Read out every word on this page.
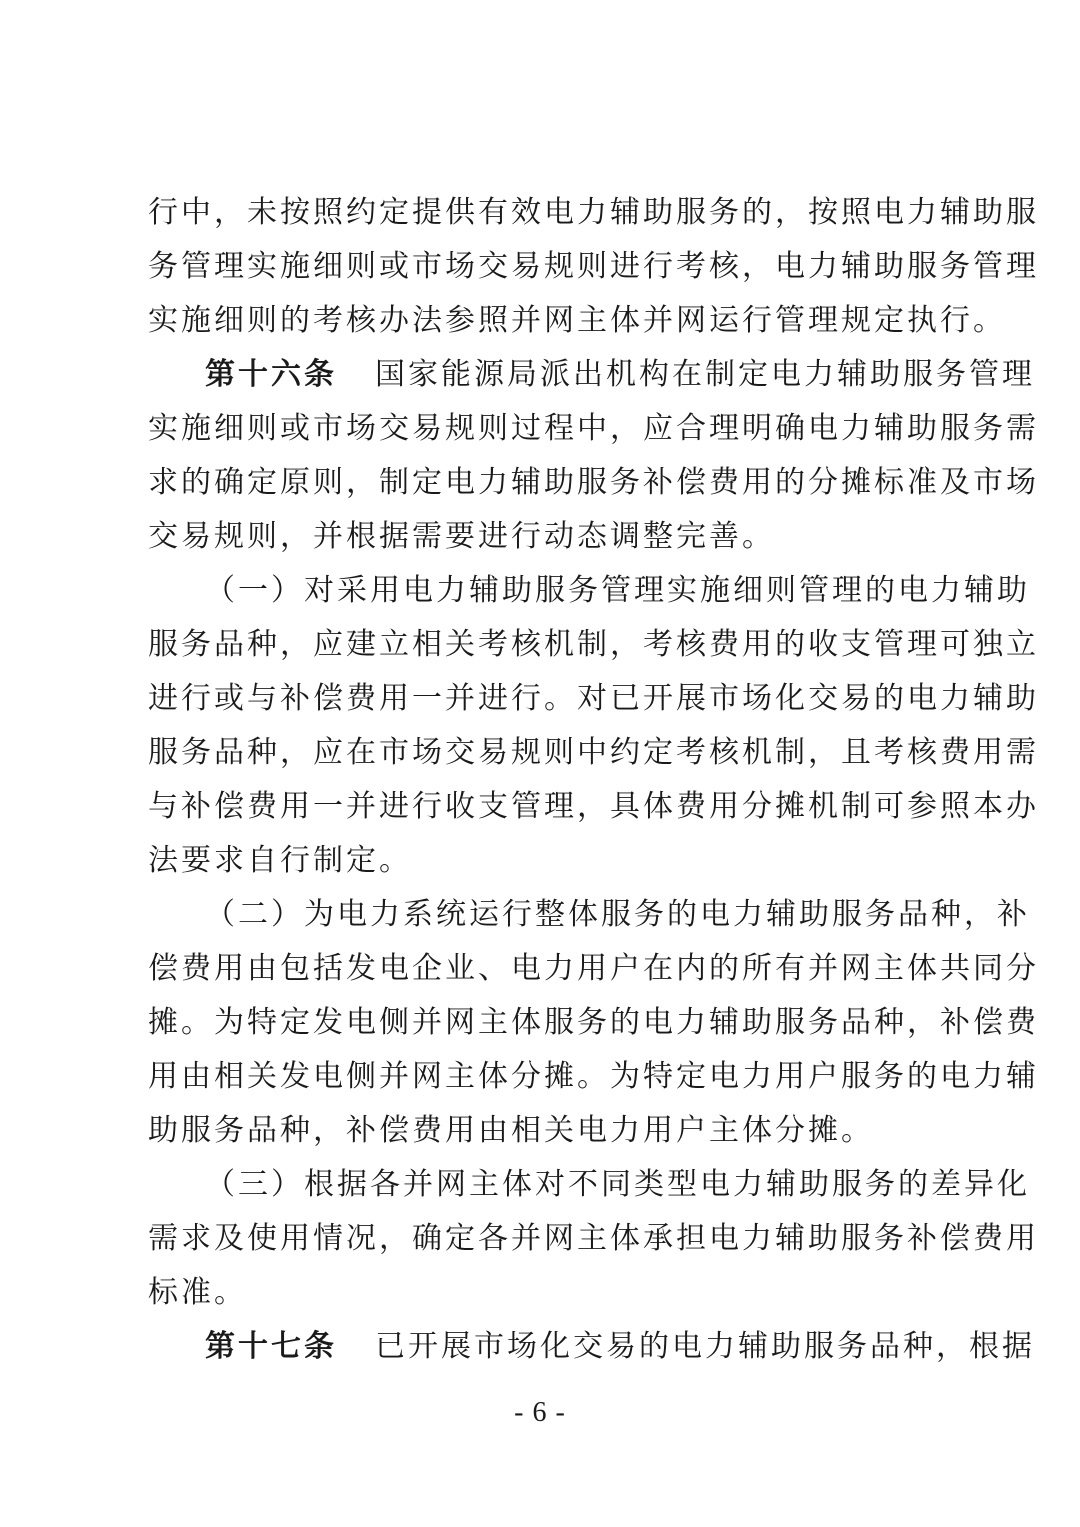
行中，未按照约定提供有效电力辅助服务的，按照电力辅助服
务管理实施细则或市场交易规则进行考核，电力辅助服务管理
实施细则的考核办法参照并网主体并网运行管理规定执行。
第十六条 国家能源局派出机构在制定电力辅助服务管理
实施细则或市场交易规则过程中，应合理明确电力辅助服务需
求的确定原则，制定电力辅助服务补偿费用的分摊标准及市场
交易规则，并根据需要进行动态调整完善。
（一）对采用电力辅助服务管理实施细则管理的电力辅助
服务品种，应建立相关考核机制，考核费用的收支管理可独立
进行或与补偿费用一并进行。对已开展市场化交易的电力辅助
服务品种，应在市场交易规则中约定考核机制，且考核费用需
与补偿费用一并进行收支管理，具体费用分摊机制可参照本办
法要求自行制定。
（二）为电力系统运行整体服务的电力辅助服务品种，补
偿费用由包括发电企业、电力用户在内的所有并网主体共同分
摊。为特定发电侧并网主体服务的电力辅助服务品种，补偿费
用由相关发电侧并网主体分摊。为特定电力用户服务的电力辅
助服务品种，补偿费用由相关电力用户主体分摊。
（三）根据各并网主体对不同类型电力辅助服务的差异化
需求及使用情况，确定各并网主体承担电力辅助服务补偿费用
标准。
第十七条 已开展市场化交易的电力辅助服务品种，根据
- 6 -
